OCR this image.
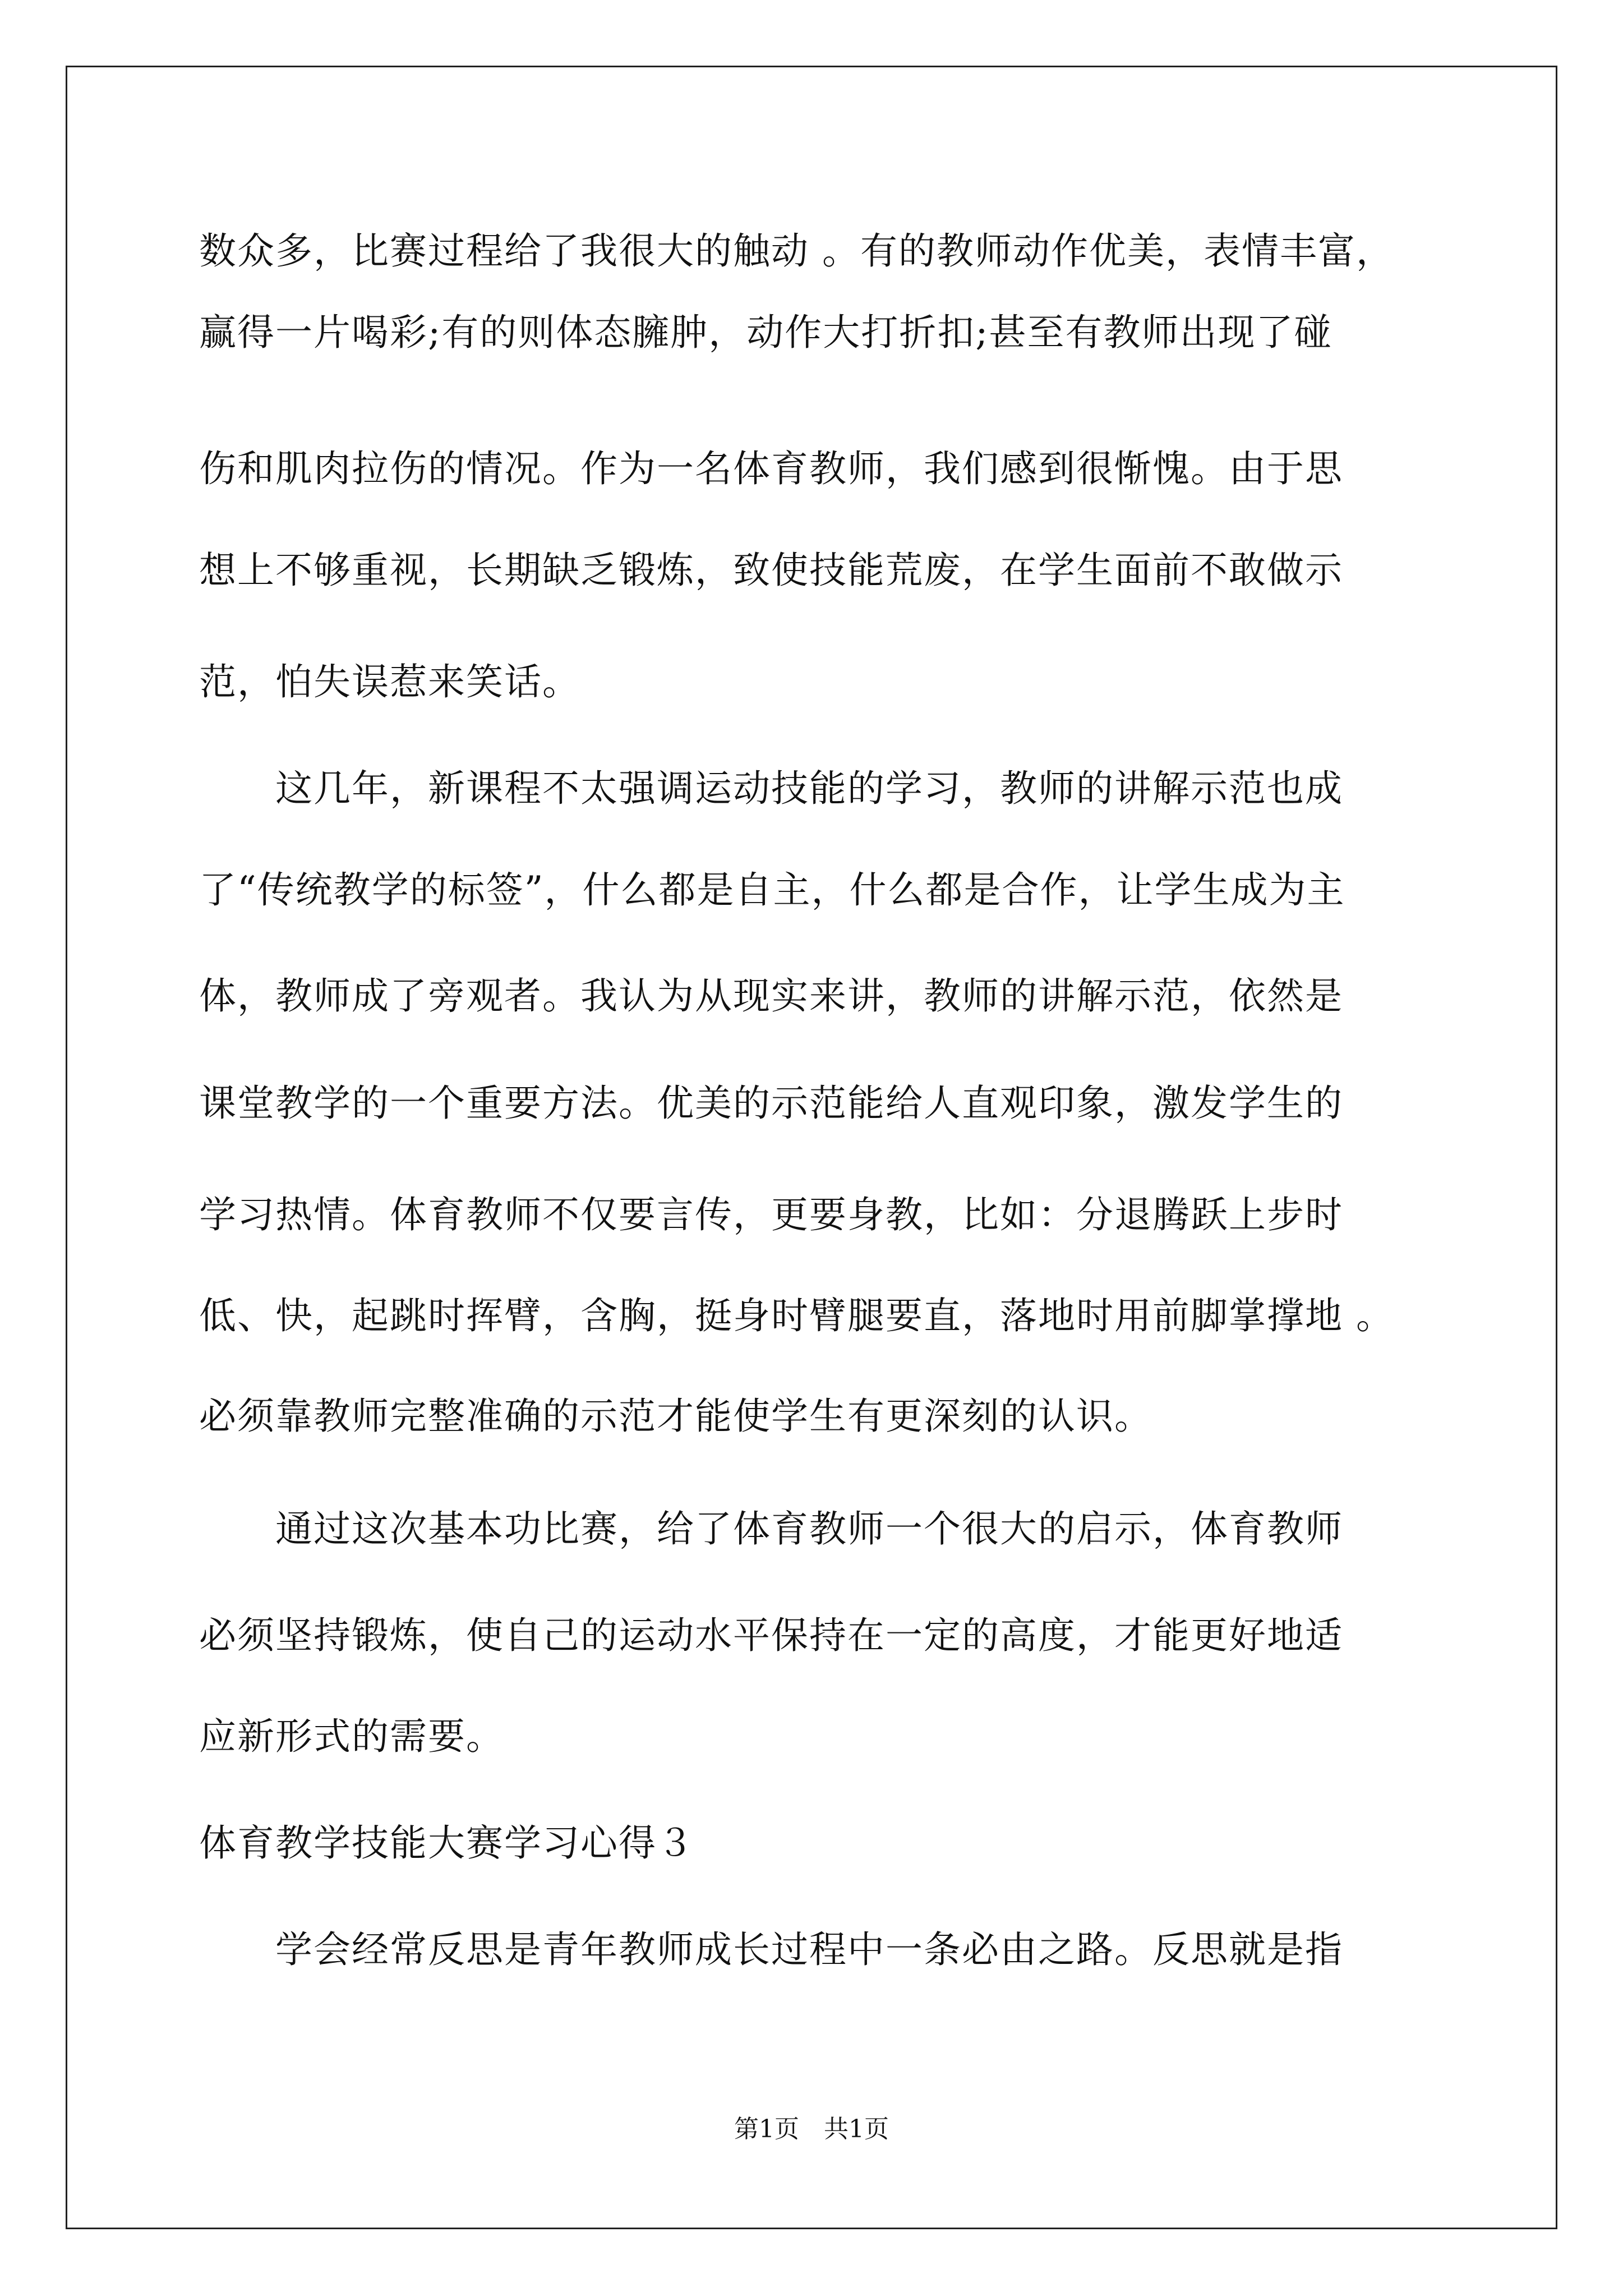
数众多，比赛过程给了我很大的触动 。有的教师动作优美，表情丰富，
赢得一片喝彩;有的则体态臃肿，动作大打折扣;甚至有教师出现了碰
伤和肌肉拉伤的情况。作为一名体育教师，我们感到很惭愧。由于思
想上不够重视，长期缺乏锻炼，致使技能荒废，在学生面前不敢做示
范，怕失误惹来笑话。
　　这几年，新课程不太强调运动技能的学习，教师的讲解示范也成
了“传统教学的标签”，什么都是自主，什么都是合作，让学生成为主
体，教师成了旁观者。我认为从现实来讲，教师的讲解示范，依然是
课堂教学的一个重要方法。优美的示范能给人直观印象，激发学生的
学习热情。体育教师不仅要言传，更要身教，比如：分退腾跃上步时
低、快，起跳时挥臂，含胸，挺身时臂腿要直，落地时用前脚掌撑地 。
必须靠教师完整准确的示范才能使学生有更深刻的认识。
　　通过这次基本功比赛，给了体育教师一个很大的启示，体育教师
必须坚持锻炼，使自己的运动水平保持在一定的高度，才能更好地适
应新形式的需要。
体育教学技能大赛学习心得３
　　学会经常反思是青年教师成长过程中一条必由之路。反思就是指
第1页　共1页
